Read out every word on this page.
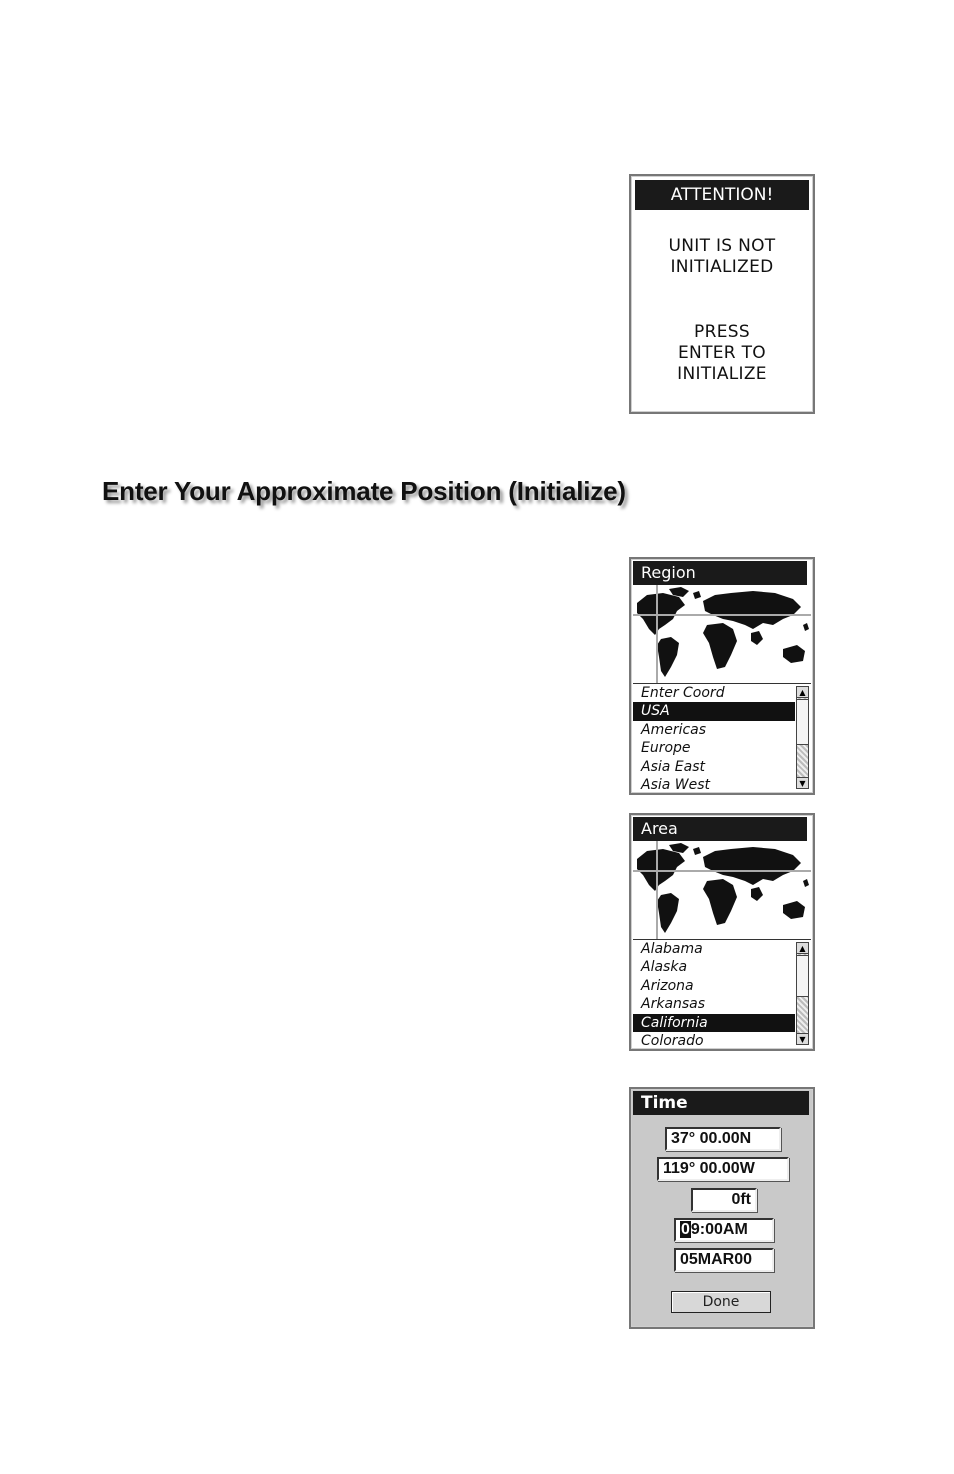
ATTENTION!
UNIT IS NOT
INITIALIZED
PRESS
ENTER TO
INITIALIZE
Enter Your Approximate Position (Initialize)
Region
Enter Coord
USA
Americas
Europe
Asia East
Asia West
▲
▼
Area
Alabama
Alaska
Arizona
Arkansas
California
Colorado
▲
▼
Time
37° 00.00N
119° 00.00W
0ft
09:00AM
05MAR00
Done
